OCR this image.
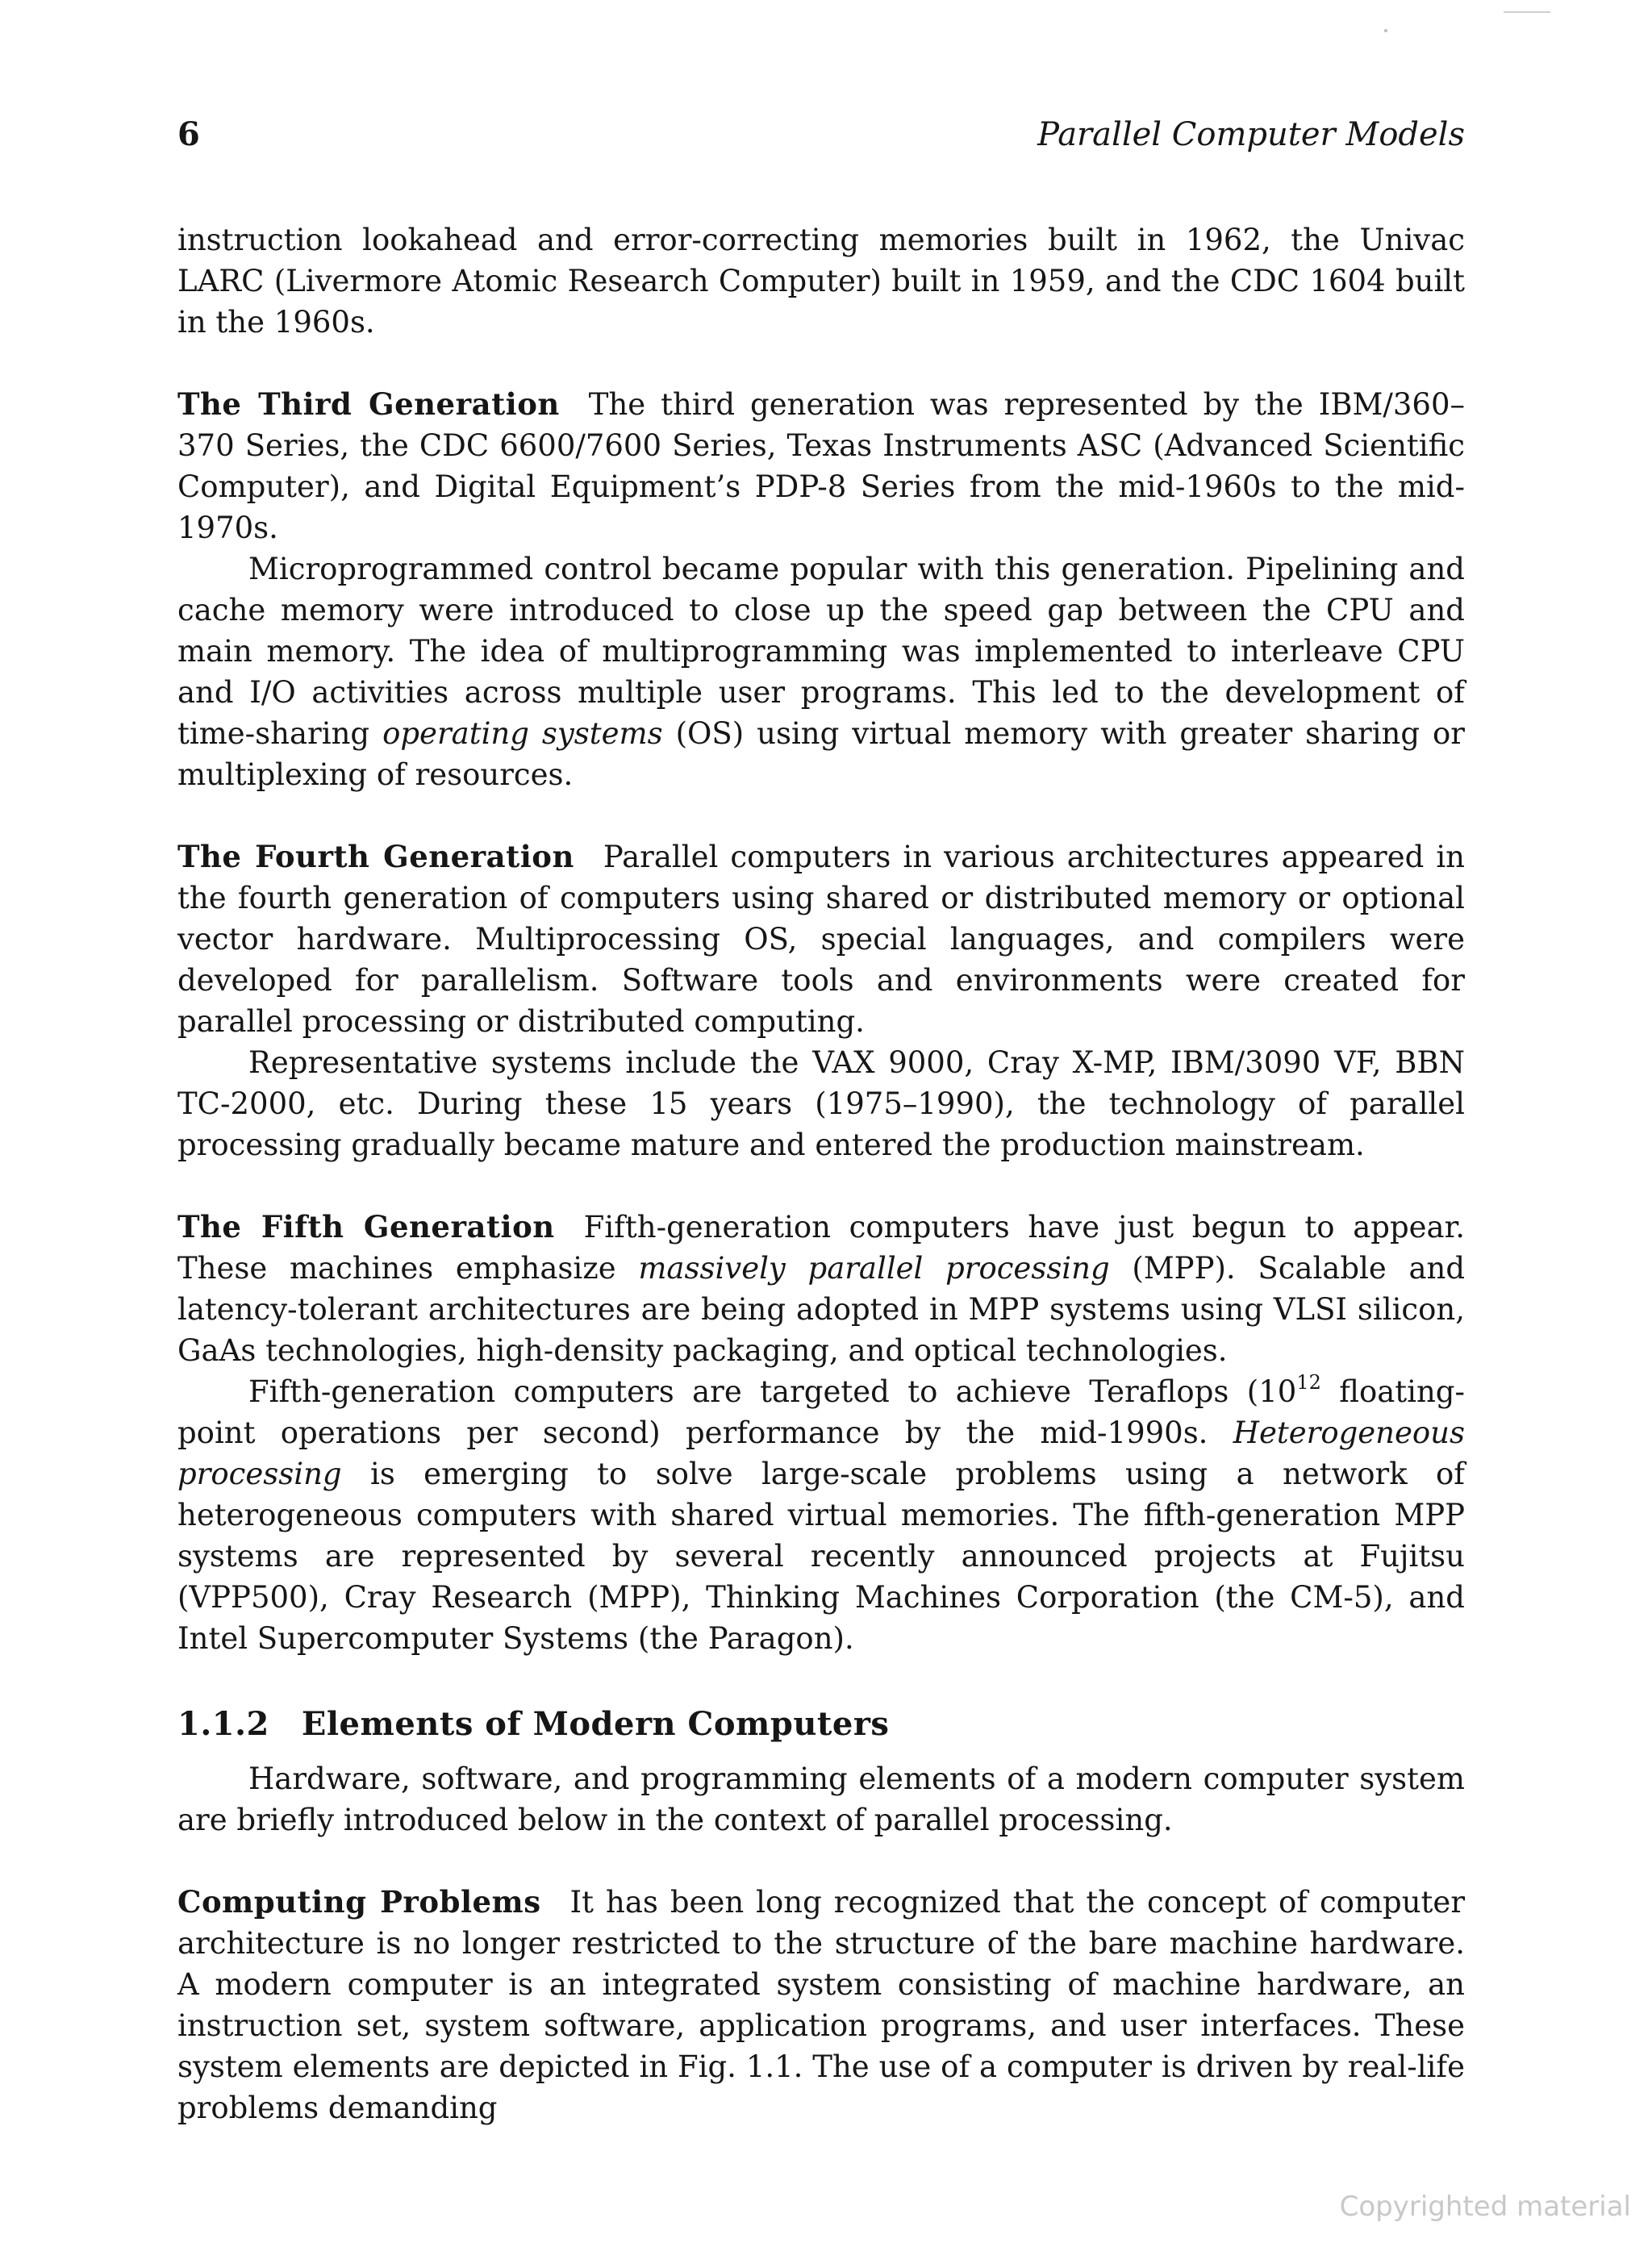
6	Parallel Computer Models

instruction lookahead and error-correcting memories built in 1962, the Univac LARC (Livermore Atomic Research Computer) built in 1959, and the CDC 1604 built in the 1960s.

The Third Generation The third generation was represented by the IBM/360–370 Series, the CDC 6600/7600 Series, Texas Instruments ASC (Advanced Scientific Computer), and Digital Equipment’s PDP-8 Series from the mid-1960s to the mid-1970s.

Microprogrammed control became popular with this generation. Pipelining and cache memory were introduced to close up the speed gap between the CPU and main memory. The idea of multiprogramming was implemented to interleave CPU and I/O activities across multiple user programs. This led to the development of time-sharing operating systems (OS) using virtual memory with greater sharing or multiplexing of resources.

The Fourth Generation Parallel computers in various architectures appeared in the fourth generation of computers using shared or distributed memory or optional vector hardware. Multiprocessing OS, special languages, and compilers were developed for parallelism. Software tools and environments were created for parallel processing or distributed computing.

Representative systems include the VAX 9000, Cray X-MP, IBM/3090 VF, BBN TC-2000, etc. During these 15 years (1975–1990), the technology of parallel processing gradually became mature and entered the production mainstream.

The Fifth Generation Fifth-generation computers have just begun to appear. These machines emphasize massively parallel processing (MPP). Scalable and latency-tolerant architectures are being adopted in MPP systems using VLSI silicon, GaAs technologies, high-density packaging, and optical technologies.

Fifth-generation computers are targeted to achieve Teraflops ($10^{12}$ floating-point operations per second) performance by the mid-1990s. Heterogeneous processing is emerging to solve large-scale problems using a network of heterogeneous computers with shared virtual memories. The fifth-generation MPP systems are represented by several recently announced projects at Fujitsu (VPP500), Cray Research (MPP), Thinking Machines Corporation (the CM-5), and Intel Supercomputer Systems (the Paragon).

1.1.2 Elements of Modern Computers

Hardware, software, and programming elements of a modern computer system are briefly introduced below in the context of parallel processing.

Computing Problems It has been long recognized that the concept of computer architecture is no longer restricted to the structure of the bare machine hardware. A modern computer is an integrated system consisting of machine hardware, an instruction set, system software, application programs, and user interfaces. These system elements are depicted in Fig. 1.1. The use of a computer is driven by real-life problems demanding

Copyrighted material
